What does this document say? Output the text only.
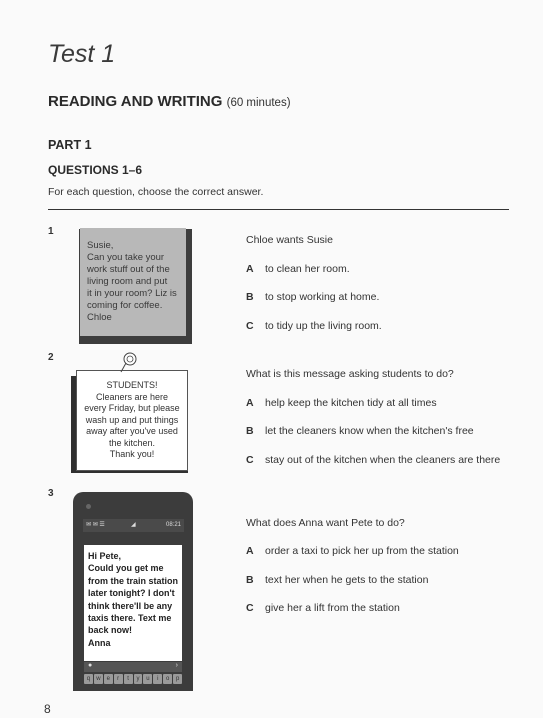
Test 1
READING AND WRITING (60 minutes)
PART 1
QUESTIONS 1–6
For each question, choose the correct answer.
1
Susie,
Can you take your
work stuff out of the
living room and put
it in your room? Liz is
coming for coffee.
Chloe
Chloe wants Susie
A to clean her room.
B to stop working at home.
C to tidy up the living room.
2
STUDENTS!
Cleaners are here
every Friday, but please
wash up and put things
away after you've used
the kitchen.
Thank you!
What is this message asking students to do?
A help keep the kitchen tidy at all times
B let the cleaners know when the kitchen's free
C stay out of the kitchen when the cleaners are there
3
✉ ✉ ☰	◢	08:21
Hi Pete,
Could you get me
from the train station
later tonight? I don't
think there'll be any
taxis there. Text me
back now!
Anna
●	›
q	w	e	r	t	y	u	i	o	p
What does Anna want Pete to do?
A order a taxi to pick her up from the station
B text her when he gets to the station
C give her a lift from the station
8
